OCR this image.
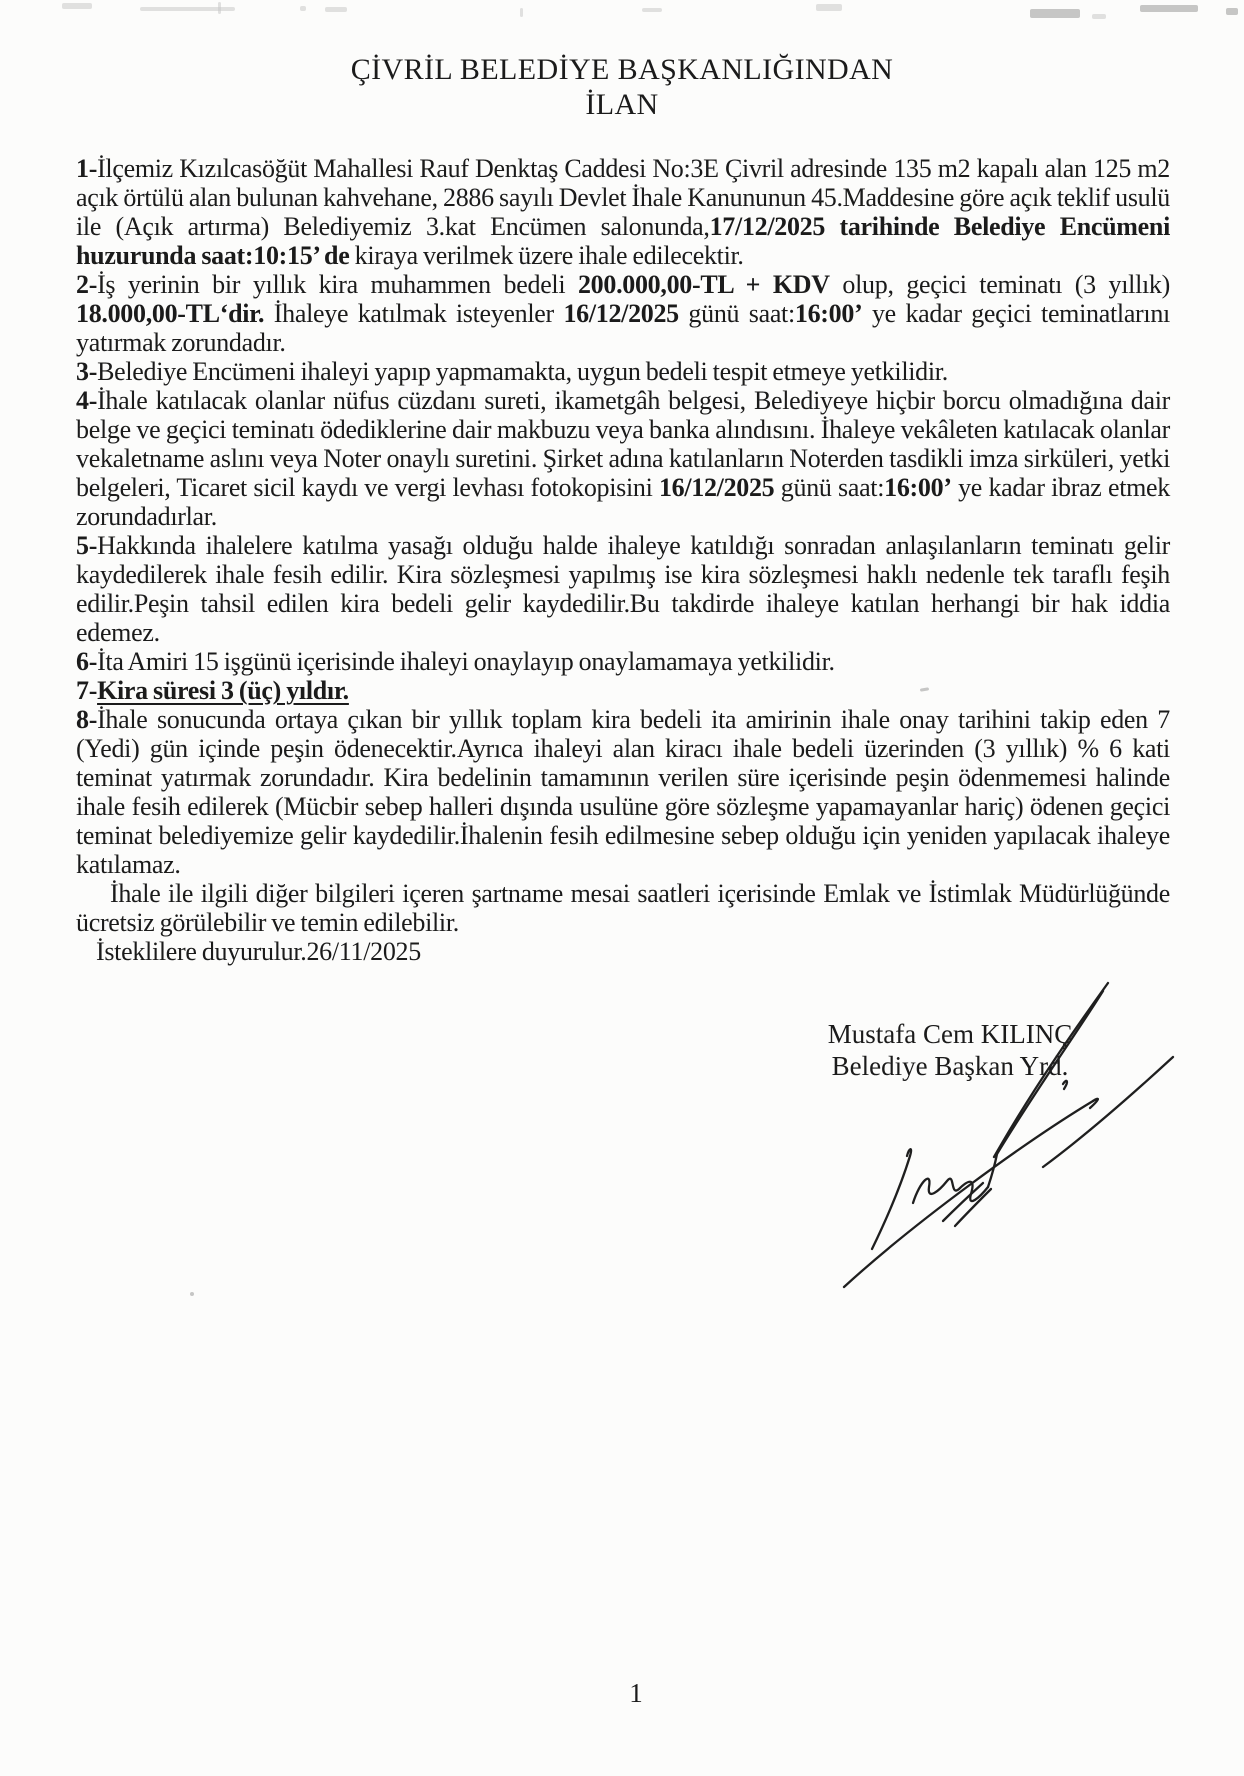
ÇİVRİL BELEDİYE BAŞKANLIĞINDAN
İLAN

1-İlçemiz Kızılcasöğüt Mahallesi Rauf Denktaş Caddesi No:3E Çivril adresinde 135 m2 kapalı alan 125 m2 açık örtülü alan bulunan kahvehane, 2886 sayılı Devlet İhale Kanununun 45.Maddesine göre açık teklif usulü ile (Açık artırma) Belediyemiz 3.kat Encümen salonunda,17/12/2025 tarihinde Belediye Encümeni huzurunda saat:10:15’ de kiraya verilmek üzere ihale edilecektir.

2-İş yerinin bir yıllık kira muhammen bedeli 200.000,00-TL + KDV olup, geçici teminatı (3 yıllık) 18.000,00-TL‘dir. İhaleye katılmak isteyenler 16/12/2025 günü saat:16:00’ ye kadar geçici teminatlarını yatırmak zorundadır.

3-Belediye Encümeni ihaleyi yapıp yapmamakta, uygun bedeli tespit etmeye yetkilidir.

4-İhale katılacak olanlar nüfus cüzdanı sureti, ikametgâh belgesi, Belediyeye hiçbir borcu olmadığına dair belge ve geçici teminatı ödediklerine dair makbuzu veya banka alındısını. İhaleye vekâleten katılacak olanlar vekaletname aslını veya Noter onaylı suretini. Şirket adına katılanların Noterden tasdikli imza sirküleri, yetki belgeleri, Ticaret sicil kaydı ve vergi levhası fotokopisini 16/12/2025 günü saat:16:00’ ye kadar ibraz etmek zorundadırlar.

5-Hakkında ihalelere katılma yasağı olduğu halde ihaleye katıldığı sonradan anlaşılanların teminatı gelir kaydedilerek ihale fesih edilir. Kira sözleşmesi yapılmış ise kira sözleşmesi haklı nedenle tek taraflı feşih edilir.Peşin tahsil edilen kira bedeli gelir kaydedilir.Bu takdirde ihaleye katılan herhangi bir hak iddia edemez.

6-İta Amiri 15 işgünü içerisinde ihaleyi onaylayıp onaylamamaya yetkilidir.

7-Kira süresi 3 (üç) yıldır.

8-İhale sonucunda ortaya çıkan bir yıllık toplam kira bedeli ita amirinin ihale onay tarihini takip eden 7 (Yedi) gün içinde peşin ödenecektir.Ayrıca ihaleyi alan kiracı ihale bedeli üzerinden (3 yıllık) % 6 kati teminat yatırmak zorundadır. Kira bedelinin tamamının verilen süre içerisinde peşin ödenmemesi halinde ihale fesih edilerek (Mücbir sebep halleri dışında usulüne göre sözleşme yapamayanlar hariç) ödenen geçici teminat belediyemize gelir kaydedilir.İhalenin fesih edilmesine sebep olduğu için yeniden yapılacak ihaleye katılamaz.

İhale ile ilgili diğer bilgileri içeren şartname mesai saatleri içerisinde Emlak ve İstimlak Müdürlüğünde ücretsiz görülebilir ve temin edilebilir.

İsteklilere duyurulur.26/11/2025

Mustafa Cem KILINÇ
Belediye Başkan Yrd.
1
